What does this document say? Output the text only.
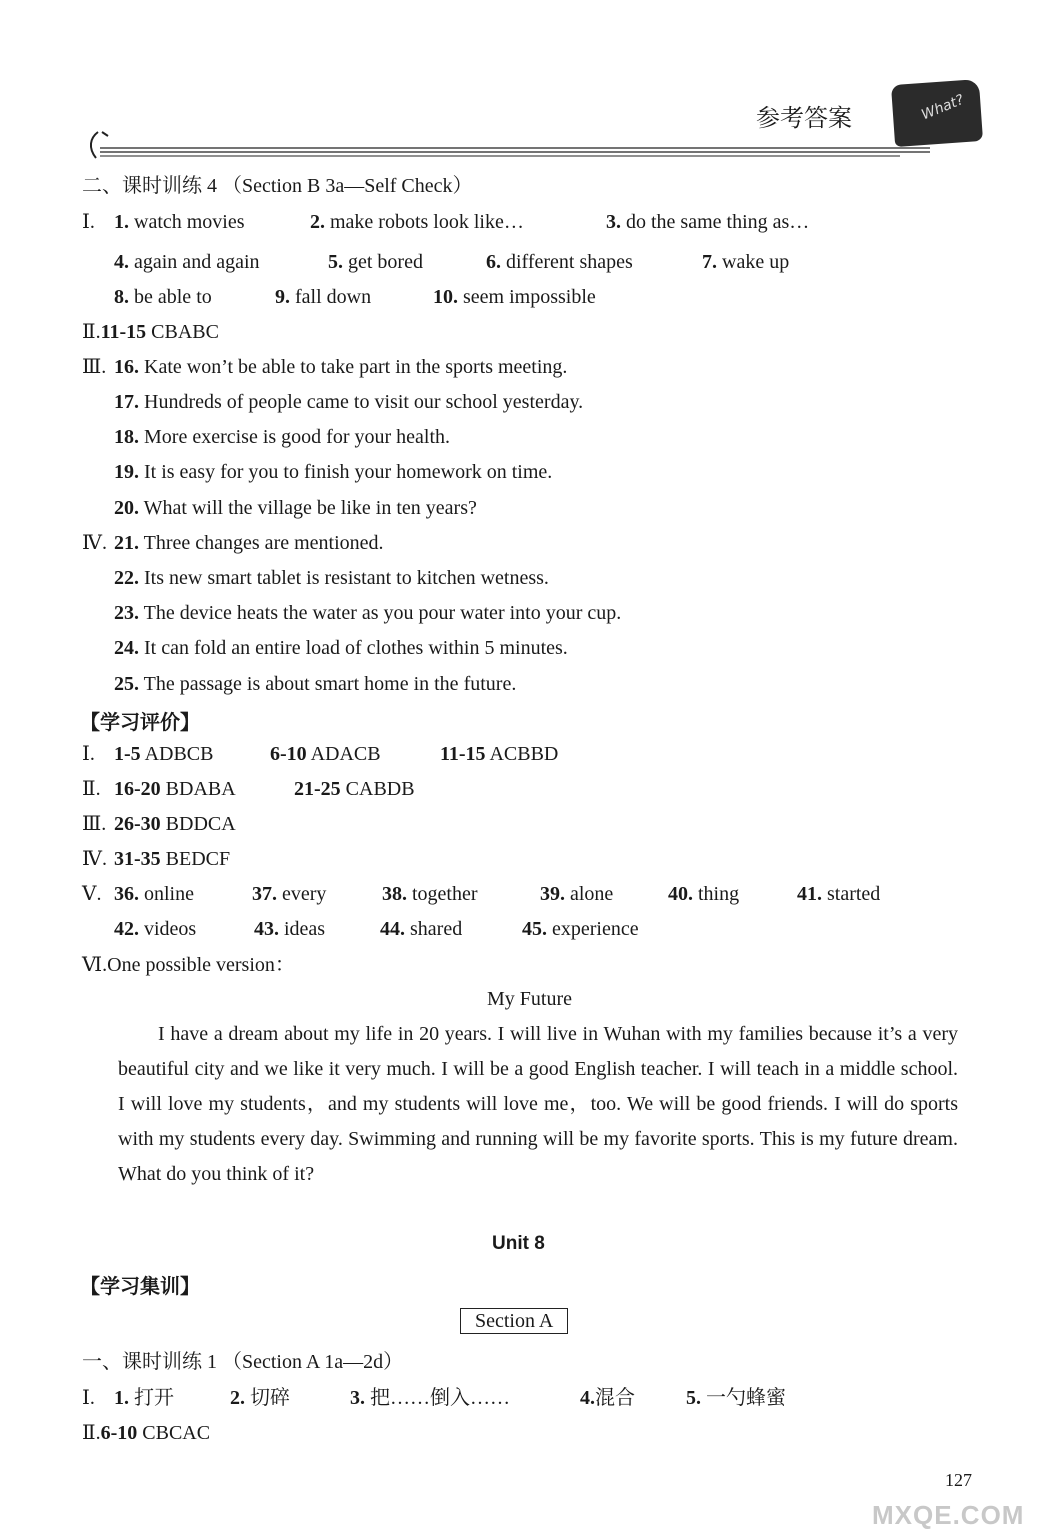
参考答案	What?
二、课时训练 4 （Section B 3a—Self Check）
Ⅰ. 1. watch movies	2. make robots look like…	3. do the same thing as…
4. again and again	5. get bored	6. different shapes	7. wake up
8. be able to	9. fall down	10. seem impossible
Ⅱ.11-15 CBABC
Ⅲ. 16. Kate won’t be able to take part in the sports meeting.
17. Hundreds of people came to visit our school yesterday.
18. More exercise is good for your health.
19. It is easy for you to finish your homework on time.
20. What will the village be like in ten years?
Ⅳ. 21. Three changes are mentioned.
22. Its new smart tablet is resistant to kitchen wetness.
23. The device heats the water as you pour water into your cup.
24. It can fold an entire load of clothes within 5 minutes.
25. The passage is about smart home in the future.
【学习评价】
Ⅰ. 1-5 ADBCB	6-10 ADACB	11-15 ACBBD
Ⅱ. 16-20 BDABA	21-25 CABDB
Ⅲ. 26-30 BDDCA
Ⅳ. 31-35 BEDCF
Ⅴ. 36. online	37. every	38. together	39. alone	40. thing	41. started
42. videos	43. ideas	44. shared	45. experience
Ⅵ.One possible version：
My Future

I have a dream about my life in 20 years. I will live in Wuhan with my families because it’s a very beautiful city and we like it very much. I will be a good English teacher. I will teach in a middle school. I will love my students，and my students will love me，too. We will be good friends. I will do sports with my students every day. Swimming and running will be my favorite sports. This is my future dream. What do you think of it?

Unit 8
【学习集训】
Section A
一、课时训练 1 （Section A 1a—2d）
Ⅰ. 1. 打开	2. 切碎	3. 把……倒入……	4.混合	5. 一勺蜂蜜
Ⅱ.6-10 CBCAC
127
MXQE.COM
